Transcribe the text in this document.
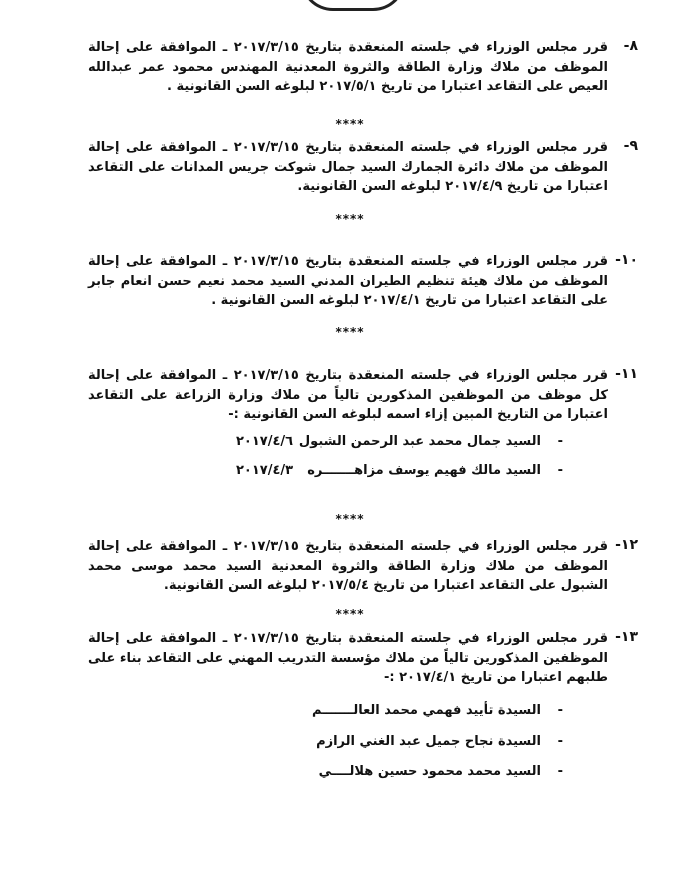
٨-
قرر مجلس الوزراء في جلسته المنعقدة بتاريخ ٢٠١٧/٣/١٥ ـ الموافقة على إحالة الموظف من ملاك وزارة الطاقة والثروة المعدنية المهندس محمود عمر عبدالله العيص على التقاعد اعتبارا من تاريخ ٢٠١٧/٥/١ لبلوغه السن القانونية .
****
٩-
قرر مجلس الوزراء في جلسته المنعقدة بتاريخ ٢٠١٧/٣/١٥ ـ الموافقة على إحالة الموظف من ملاك دائرة الجمارك السيد جمال شوكت جريس المدانات على التقاعد اعتبارا من تاريخ ٢٠١٧/٤/٩ لبلوغه السن القانونية.
****
١٠-
قرر مجلس الوزراء في جلسته المنعقدة بتاريخ ٢٠١٧/٣/١٥ ـ الموافقة على إحالة الموظف من ملاك هيئة تنظيم الطيران المدني السيد محمد نعيم حسن انعام جابر على التقاعد اعتبارا من تاريخ ٢٠١٧/٤/١ لبلوغه السن القانونية .
****
١١-
قرر مجلس الوزراء في جلسته المنعقدة بتاريخ ٢٠١٧/٣/١٥ ـ الموافقة على إحالة كل موظف من الموظفين المذكورين تالياً من ملاك وزارة الزراعة على التقاعد اعتبارا من التاريخ المبين إزاء اسمه لبلوغه السن القانونية :-
-السيد جمال محمد عبد الرحمن الشبول
٢٠١٧/٤/٦
-السيد مالك فهيم يوسف مزاهـــــــره
٢٠١٧/٤/٣
****
١٢-
قرر مجلس الوزراء في جلسته المنعقدة بتاريخ ٢٠١٧/٣/١٥ ـ الموافقة على إحالة الموظف من ملاك وزارة الطاقة والثروة المعدنية السيد محمد موسى محمد الشبول على التقاعد اعتبارا من تاريخ ٢٠١٧/٥/٤ لبلوغه السن القانونية.
****
١٣-
قرر مجلس الوزراء في جلسته المنعقدة بتاريخ ٢٠١٧/٣/١٥ ـ الموافقة على إحالة الموظفين المذكورين تالياً من ملاك مؤسسة التدريب المهني على التقاعد بناء على طلبهم اعتبارا من تاريخ ٢٠١٧/٤/١ :-
-السيدة تأييد فهمي محمد العالـــــــم
-السيدة نجاح جميل عبد الغني الرازم
-السيد محمد محمود حسين هلالــــي
